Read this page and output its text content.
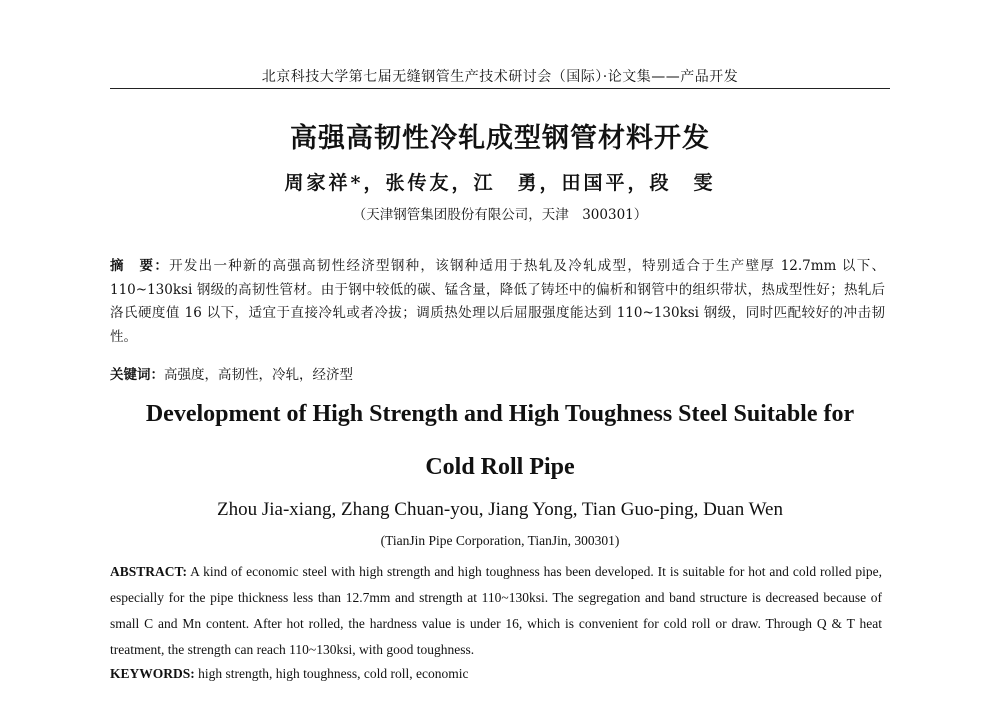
北京科技大学第七届无缝钢管生产技术研讨会（国际）·论文集——产品开发
高强高韧性冷轧成型钢管材料开发
周家祥*，张传友，江　勇，田国平，段　雯
（天津钢管集团股份有限公司，天津　300301）
摘　要：开发出一种新的高强高韧性经济型钢种，该钢种适用于热轧及冷轧成型，特别适合于生产壁厚 12.7mm 以下、110~130ksi 钢级的高韧性管材。由于钢中较低的碳、锰含量，降低了铸坯中的偏析和钢管中的组织带状，热成型性好；热轧后洛氏硬度值 16 以下，适宜于直接冷轧或者冷拔；调质热处理以后屈服强度能达到 110~130ksi 钢级，同时匹配较好的冲击韧性。
关键词：高强度，高韧性，冷轧，经济型
Development of High Strength and High Toughness Steel Suitable for
Cold Roll Pipe
Zhou Jia-xiang, Zhang Chuan-you, Jiang Yong, Tian Guo-ping, Duan Wen
(TianJin Pipe Corporation, TianJin, 300301)
ABSTRACT: A kind of economic steel with high strength and high toughness has been developed. It is suitable for hot and cold rolled pipe, especially for the pipe thickness less than 12.7mm and strength at 110~130ksi. The segregation and band structure is decreased because of small C and Mn content. After hot rolled, the hardness value is under 16, which is convenient for cold roll or draw. Through Q & T heat treatment, the strength can reach 110~130ksi, with good toughness.
KEYWORDS: high strength, high toughness, cold roll, economic
